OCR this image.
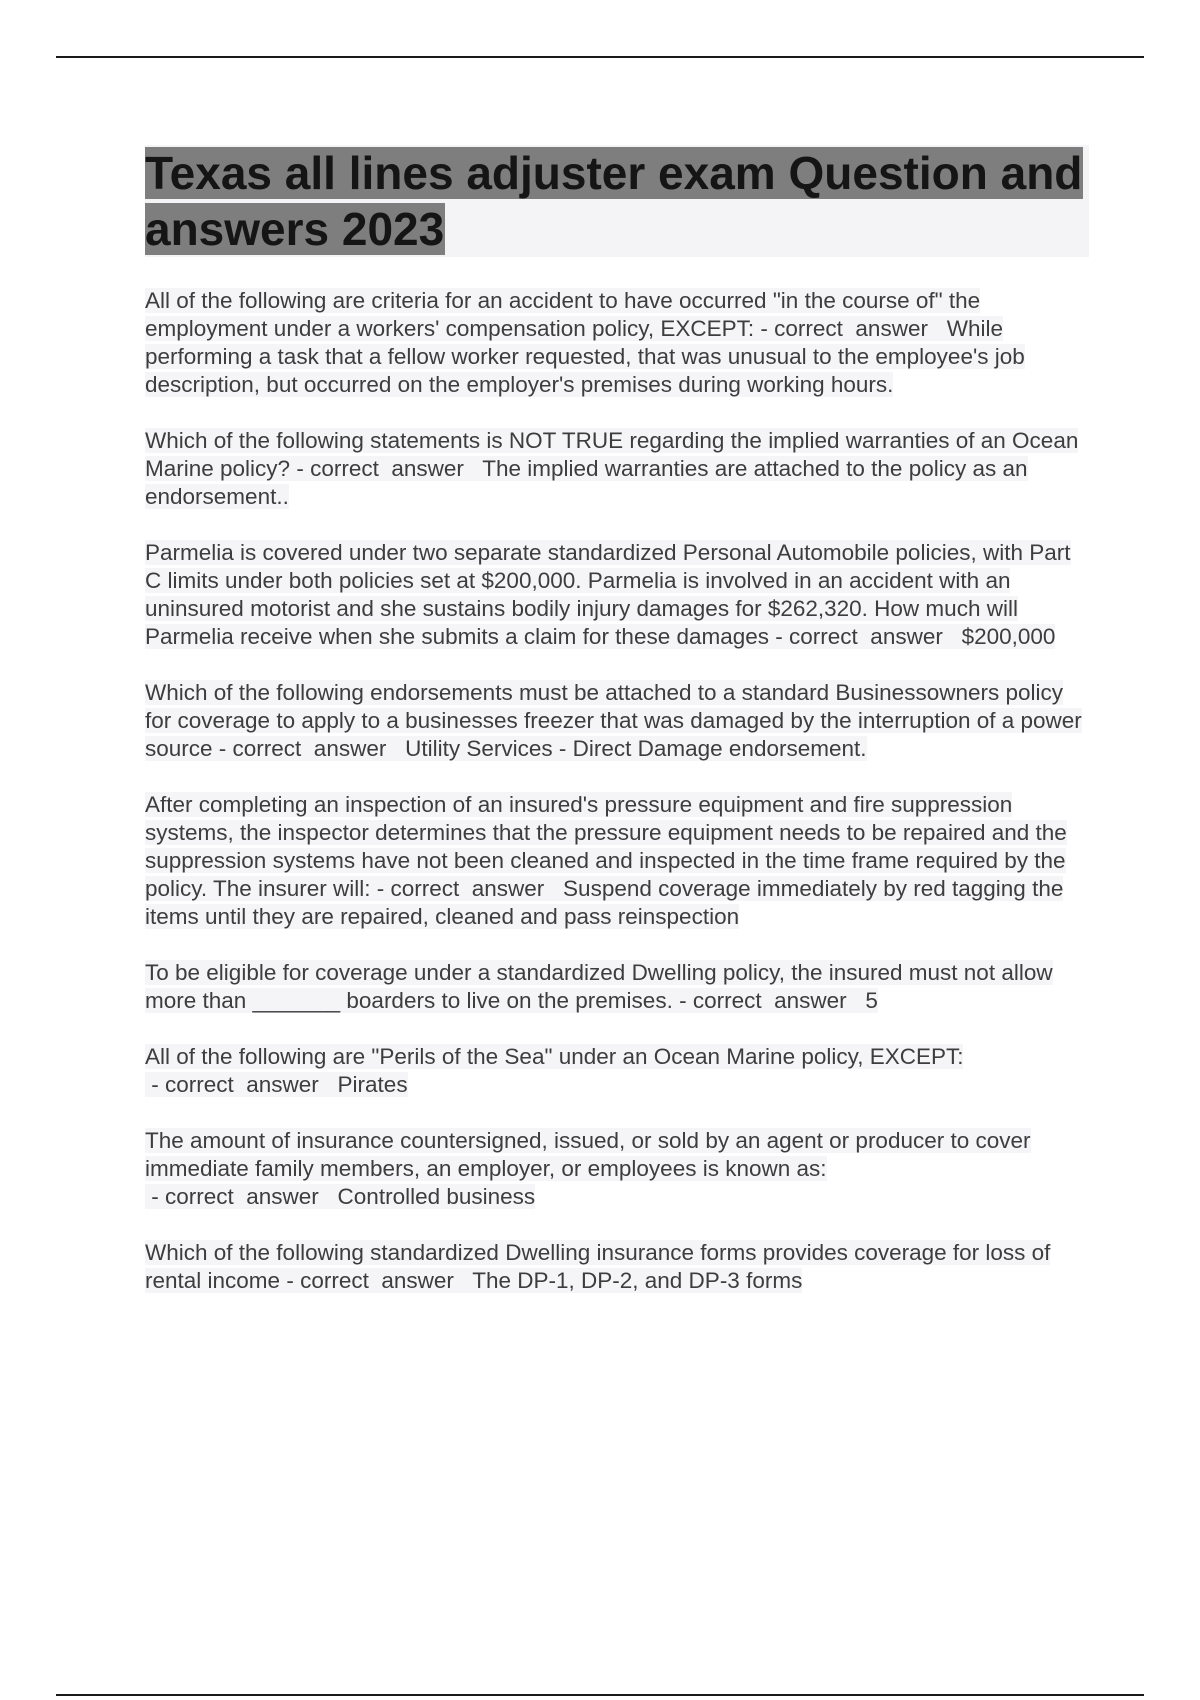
Texas all lines adjuster exam Question and answers 2023
All of the following are criteria for an accident to have occurred "in the course of" the employment under a workers' compensation policy, EXCEPT: - correct  answer   While performing a task that a fellow worker requested, that was unusual to the employee's job description, but occurred on the employer's premises during working hours.
Which of the following statements is NOT TRUE regarding the implied warranties of an Ocean Marine policy? - correct  answer   The implied warranties are attached to the policy as an endorsement..
Parmelia is covered under two separate standardized Personal Automobile policies, with Part C limits under both policies set at $200,000. Parmelia is involved in an accident with an uninsured motorist and she sustains bodily injury damages for $262,320. How much will Parmelia receive when she submits a claim for these damages - correct  answer   $200,000
Which of the following endorsements must be attached to a standard Businessowners policy for coverage to apply to a businesses freezer that was damaged by the interruption of a power source - correct  answer   Utility Services - Direct Damage endorsement.
After completing an inspection of an insured's pressure equipment and fire suppression systems, the inspector determines that the pressure equipment needs to be repaired and the suppression systems have not been cleaned and inspected in the time frame required by the policy. The insurer will: - correct  answer   Suspend coverage immediately by red tagging the items until they are repaired, cleaned and pass reinspection
To be eligible for coverage under a standardized Dwelling policy, the insured must not allow more than _______ boarders to live on the premises. - correct  answer   5
All of the following are "Perils of the Sea" under an Ocean Marine policy, EXCEPT: - correct  answer   Pirates
The amount of insurance countersigned, issued, or sold by an agent or producer to cover immediate family members, an employer, or employees is known as: - correct  answer   Controlled business
Which of the following standardized Dwelling insurance forms provides coverage for loss of rental income - correct  answer   The DP-1, DP-2, and DP-3 forms
